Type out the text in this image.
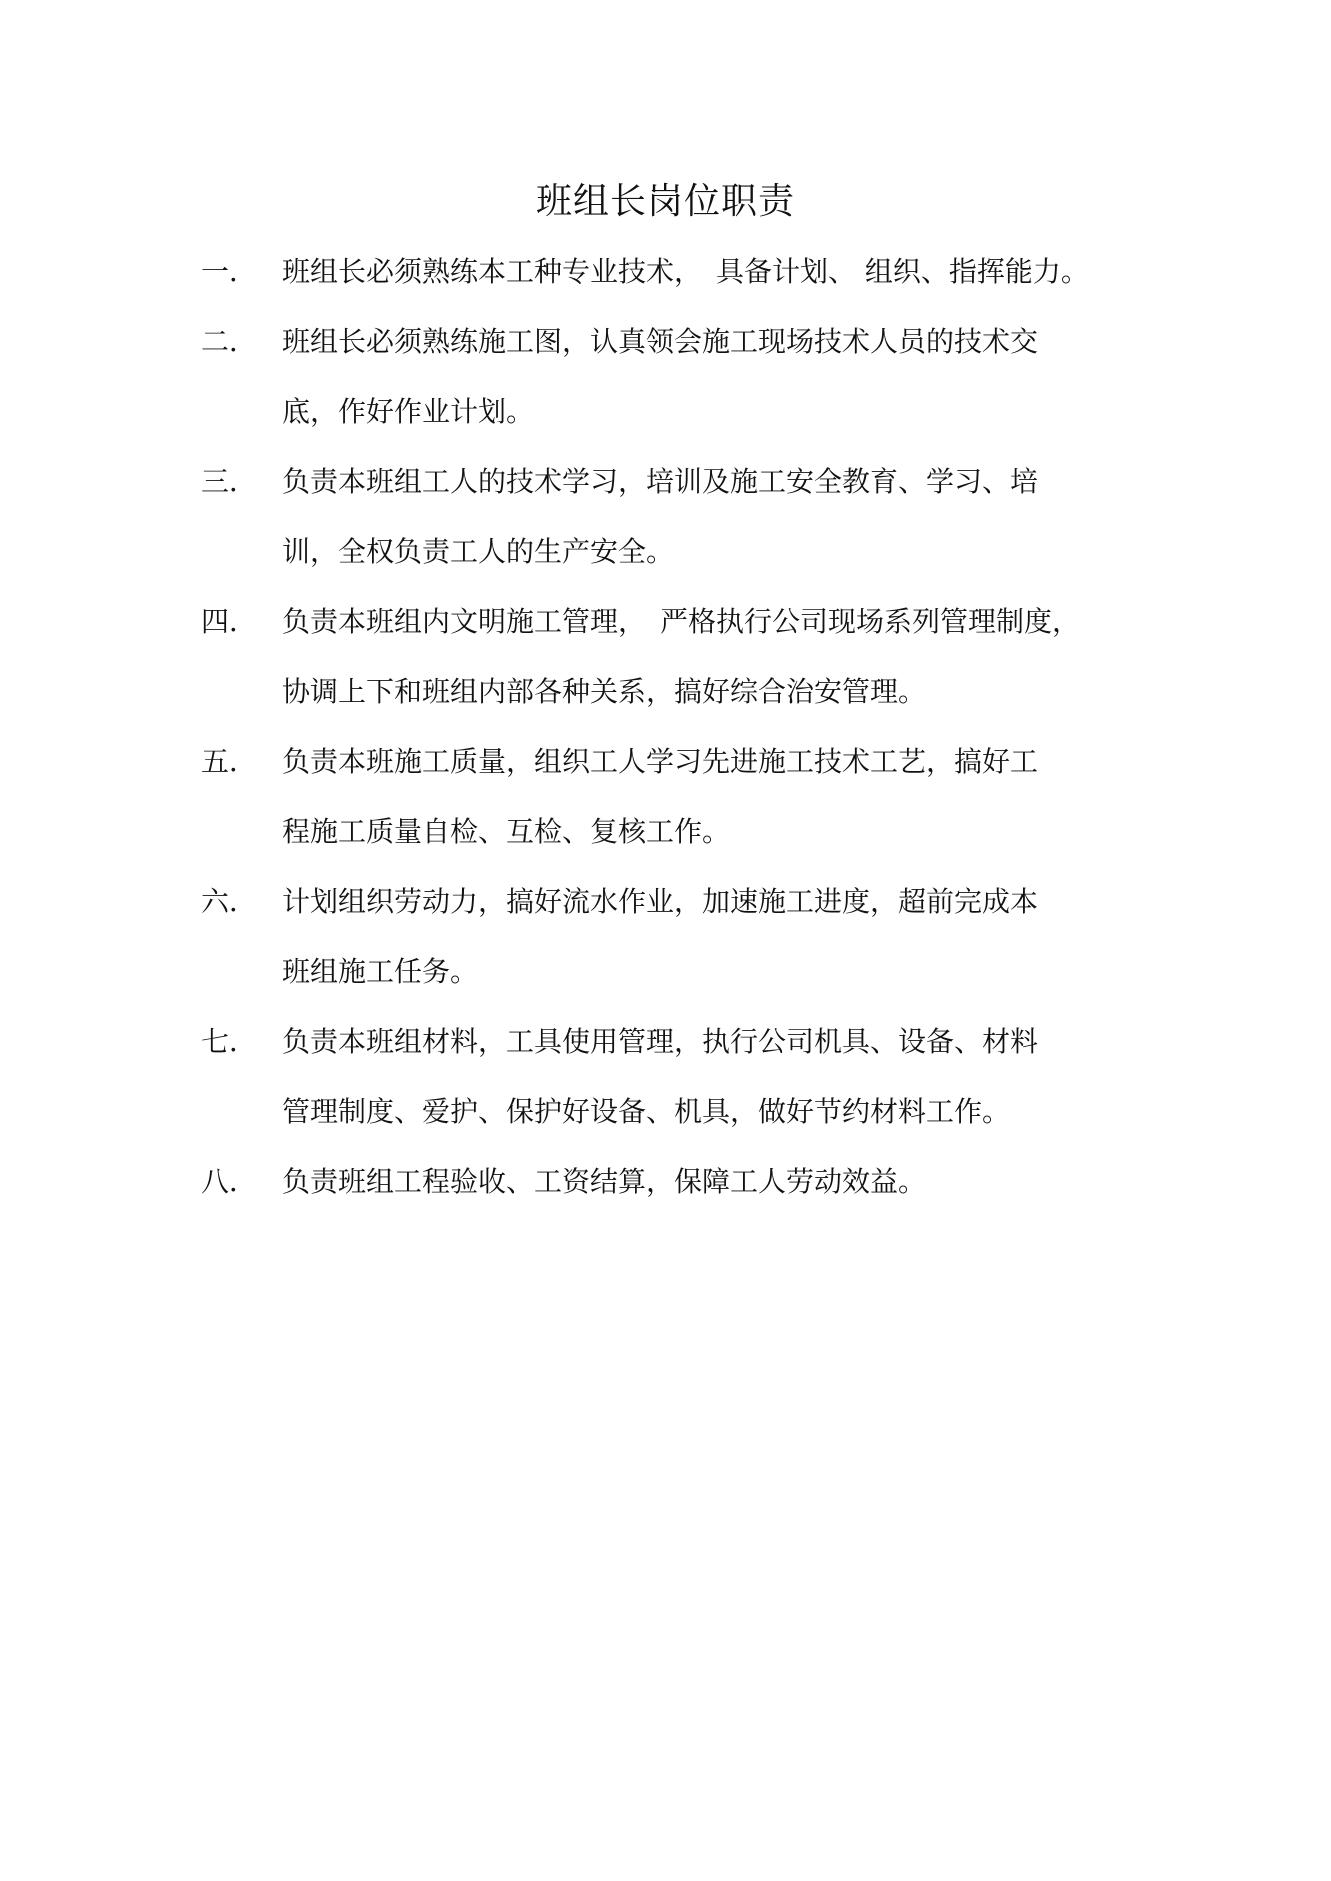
班组长岗位职责
一． 班组长必须熟练本工种专业技术，　具备计划、 组织、指挥能力。
二． 班组长必须熟练施工图，认真领会施工现场技术人员的技术交
底，作好作业计划。
三． 负责本班组工人的技术学习，培训及施工安全教育、学习、培
训，全权负责工人的生产安全。
四． 负责本班组内文明施工管理，　严格执行公司现场系列管理制度，
协调上下和班组内部各种关系，搞好综合治安管理。
五． 负责本班施工质量，组织工人学习先进施工技术工艺，搞好工
程施工质量自检、互检、复核工作。
六． 计划组织劳动力，搞好流水作业，加速施工进度，超前完成本
班组施工任务。
七． 负责本班组材料，工具使用管理，执行公司机具、设备、材料
管理制度、爱护、保护好设备、机具，做好节约材料工作。
八． 负责班组工程验收、工资结算，保障工人劳动效益。
